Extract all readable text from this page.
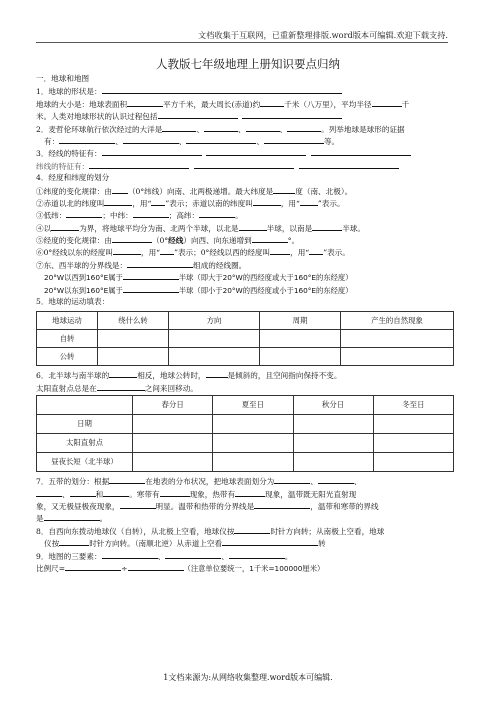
文档收集于互联网，已重新整理排版.word版本可编辑.欢迎下载支持.
人教版七年级地理上册知识要点归纳
一．地球和地图
1．地球的形状是：
地球的大小是：地球表面积	平方千米，最大周长(赤道)约	千米（八万里），平均半径	千
米。人类对地球形状的认识过程包括
2．麦哲伦环球航行依次经过的大洋是	、	、	、	。列举地球是球形的证据
有：	、	、	、	等。
3．经线的特征有：
纬线的特征有：
4．经度和纬度的划分
①纬度的变化规律：由 （0°纬线）向南、北两极递增。最大纬度是	度（南、北极）。
②赤道以北的纬度叫	，用“ ”表示；赤道以南的纬度叫	，用“ ”表示。
③低纬：	；中纬：	；高纬：	。
④以	为界，将地球平均分为南、北两个半球，以北是	半球，以南是	半球。
⑤经度的变化规律：由	（0°经线）向西、向东递增到	°。
⑥0°经线以东的经度叫	，用“ ”表示；0°经线以西的经度叫	，用“ ”表示。
⑦东、西半球的分界线是：	组成的经线圈。
20°W以西到160°E属于	半球（即大于20°W的西经度或大于160°E的东经度）
20°W以东到160°E属于	半球（即小于20°W的西经度或小于160°E的东经度）
5．地球的运动填表：
地球运动	绕什么转	方向	周期	产生的自然现象
自转				
公转				
6．北半球与南半球的	相反，地球公转时，	是倾斜的，且空间指向保持不变。
太阳直射点总是在	之间来回移动。
	春分日	夏至日	秋分日	冬至日
日期				
太阳直射点				
昼夜长短（北半球）				
7．五带的划分：根据	在地表的分布状况，把地球表面划分为	、	、
、	和	。寒带有	现象，热带有	现象，温带既无阳光直射现
象，又无极昼极夜现象，	明显。温带和热带的分界线是	，温带和寒带的界线
是	。
8．自西向东拨动地球仪（自转），从北极上空看，地球仪按	时针方向转；从南极上空看，地球
仪按	时针方向转。（南顺北逆）从赤道上空看	转
9．地图的三要素：	、	、	。
比例尺=	÷	（注意单位要统一，1千米=100000厘米）
1文档来源为:从网络收集整理.word版本可编辑.
